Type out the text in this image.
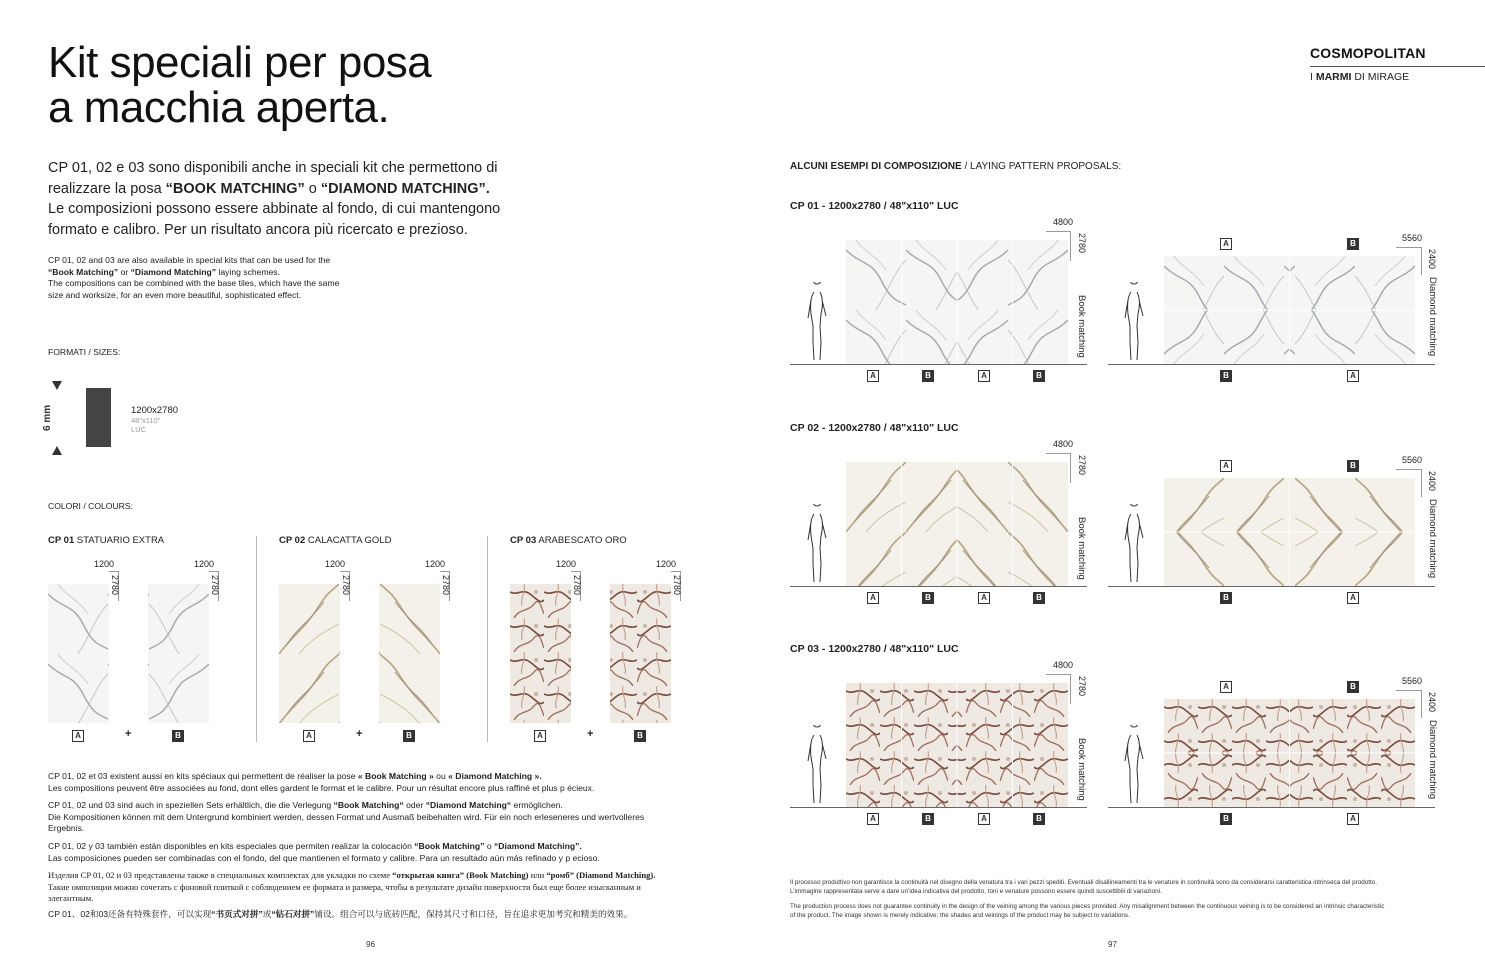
Kit speciali per posa
a macchia aperta.
CP 01, 02 e 03 sono disponibili anche in speciali kit che permettono di
realizzare la posa “BOOK MATCHING” o “DIAMOND MATCHING”.
Le composizioni possono essere abbinate al fondo, di cui mantengono
formato e calibro. Per un risultato ancora più ricercato e prezioso.
CP 01, 02 and 03 are also available in special kits that can be used for the
“Book Matching” or “Diamond Matching” laying schemes.
The compositions can be combined with the base tiles, which have the same
size and worksize, for an even more beautiful, sophisticated effect.
FORMATI / SIZES:
6 mm	1200x2780
48"x110"
LUC
COLORI / COLOURS:
CP 01 STATUARIO EXTRA
1200
2780
A
1200
2780
B
+
CP 02 CALACATTA GOLD
1200
2780
A
1200
2780
B
+
CP 03 ARABESCATO ORO
1200
2780
A
1200
2780
B
+
CP 01, 02 et 03 existent aussi en kits spéciaux qui permettent de réaliser la pose « Book Matching » ou « Diamond Matching ».
Les compositions peuvent être associées au fond, dont elles gardent le format et le calibre. Pour un résultat encore plus raffiné et plus p écieux.
CP 01, 02 und 03 sind auch in speziellen Sets erhältlich, die die Verlegung “Book Matching“ oder “Diamond Matching“ ermöglichen.
Die Kompositionen können mit dem Untergrund kombiniert werden, dessen Format und Ausmaß beibehalten wird. Für ein noch erleseneres und wertvolleres
Ergebnis.
CP 01, 02 y 03 también están disponibles en kits especiales que permiten realizar la colocación “Book Matching” o “Diamond Matching”.
Las composiciones pueden ser combinadas con el fondo, del que mantienen el formato y calibre. Para un resultado aún más refinado y p ecioso.
Изделия CP 01, 02 и 03 представлены также в специальных комплектах для укладки по схеме “открытая книга” (Book Matching) или “ромб” (Diamond Matching).
Такие омпозиции можно сочетать с фоновой плиткой с соблюдением ее формата и размера, чтобы в результате дизайн поверхности был еще более изысканным и
элегантным.
CP 01、02和03还备有特殊套件，可以实现“书页式对拼”或“钻石对拼”铺设。组合可以与底砖匹配，保持其尺寸和口径，旨在追求更加考究和精美的效果。
96
COSMOPOLITAN
I MARMI DI MIRAGE
ALCUNI ESEMPI DI COMPOSIZIONE / LAYING PATTERN PROPOSALS:
CP 01 - 1200x2780 / 48"x110" LUC
4800
2780
Book matching
A	B	A	B
5560
2400
Diamond matching
A	B
B	A
CP 02 - 1200x2780 / 48"x110" LUC
4800
2780
Book matching
A	B	A	B
5560
2400
Diamond matching
A	B
B	A
CP 03 - 1200x2780 / 48"x110" LUC
4800
2780
Book matching
A	B	A	B
5560
2400
Diamond matching
A	B
B	A
Il processo produttivo non garantisce la continuità nel disegno della venatura tra i vari pezzi spediti. Eventuali disallineamenti tra le venature in continuità sono da considerarsi caratteristica intrinseca del prodotto.
L’immagine rappresentata serve a dare un’idea indicativa del prodotto, toni e venature possono essere quindi suscettibili di variazioni.
The production process does not guarantee continuity in the design of the veining among the various pieces provided. Any misalignment between the continuous veining is to be considered an intrinsic characteristic
of the product. The image shown is merely indicative; the shades and veinings of the product may be subject to variations.
97
